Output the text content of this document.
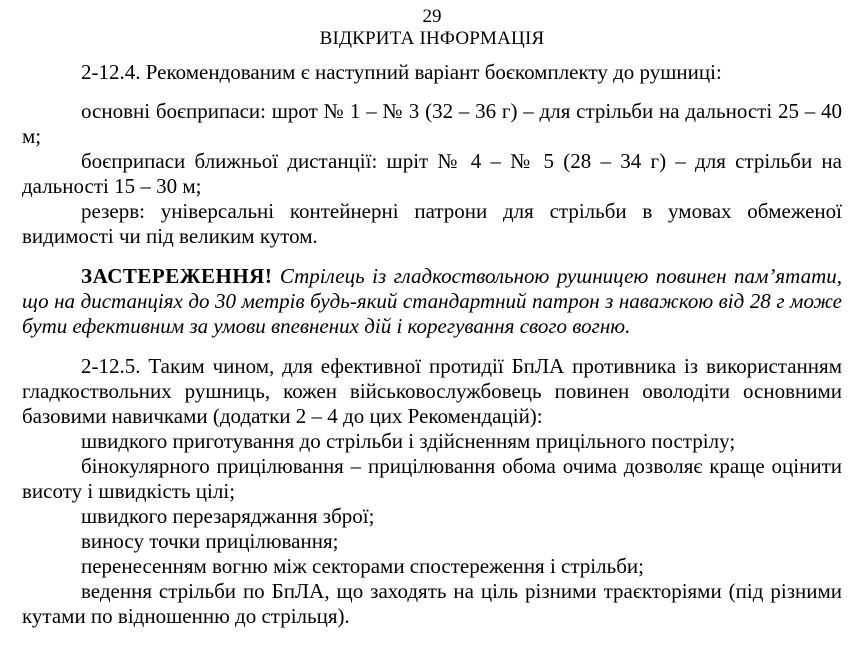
29
ВІДКРИТА ІНФОРМАЦІЯ

2-12.4. Рекомендованим є наступний варіант боєкомплекту до рушниці:

основні боєприпаси: шрот № 1 – № 3 (32 – 36 г) – для стрільби на дальності 25 – 40 м;

боєприпаси ближньої дистанції: шріт № 4 – № 5 (28 – 34 г) – для стрільби на дальності 15 – 30 м;

резерв: універсальні контейнерні патрони для стрільби в умовах обмеженої видимості чи під великим кутом.

ЗАСТЕРЕЖЕННЯ! Стрілець із гладкоствольною рушницею повинен пам’ятати, що на дистанціях до 30 метрів будь-який стандартний патрон з наважкою від 28 г може бути ефективним за умови впевнених дій і корегування свого вогню.

2-12.5. Таким чином, для ефективної протидії БпЛА противника із використанням гладкоствольних рушниць, кожен військовослужбовець повинен оволодіти основними базовими навичками (додатки 2 – 4 до цих Рекомендацій):

швидкого приготування до стрільби і здійсненням прицільного пострілу;

бінокулярного прицілювання – прицілювання обома очима дозволяє краще оцінити висоту і швидкість цілі;

швидкого перезаряджання зброї;

виносу точки прицілювання;

перенесенням вогню між секторами спостереження і стрільби;

ведення стрільби по БпЛА, що заходять на ціль різними траєкторіями (під різними кутами по відношенню до стрільця).
